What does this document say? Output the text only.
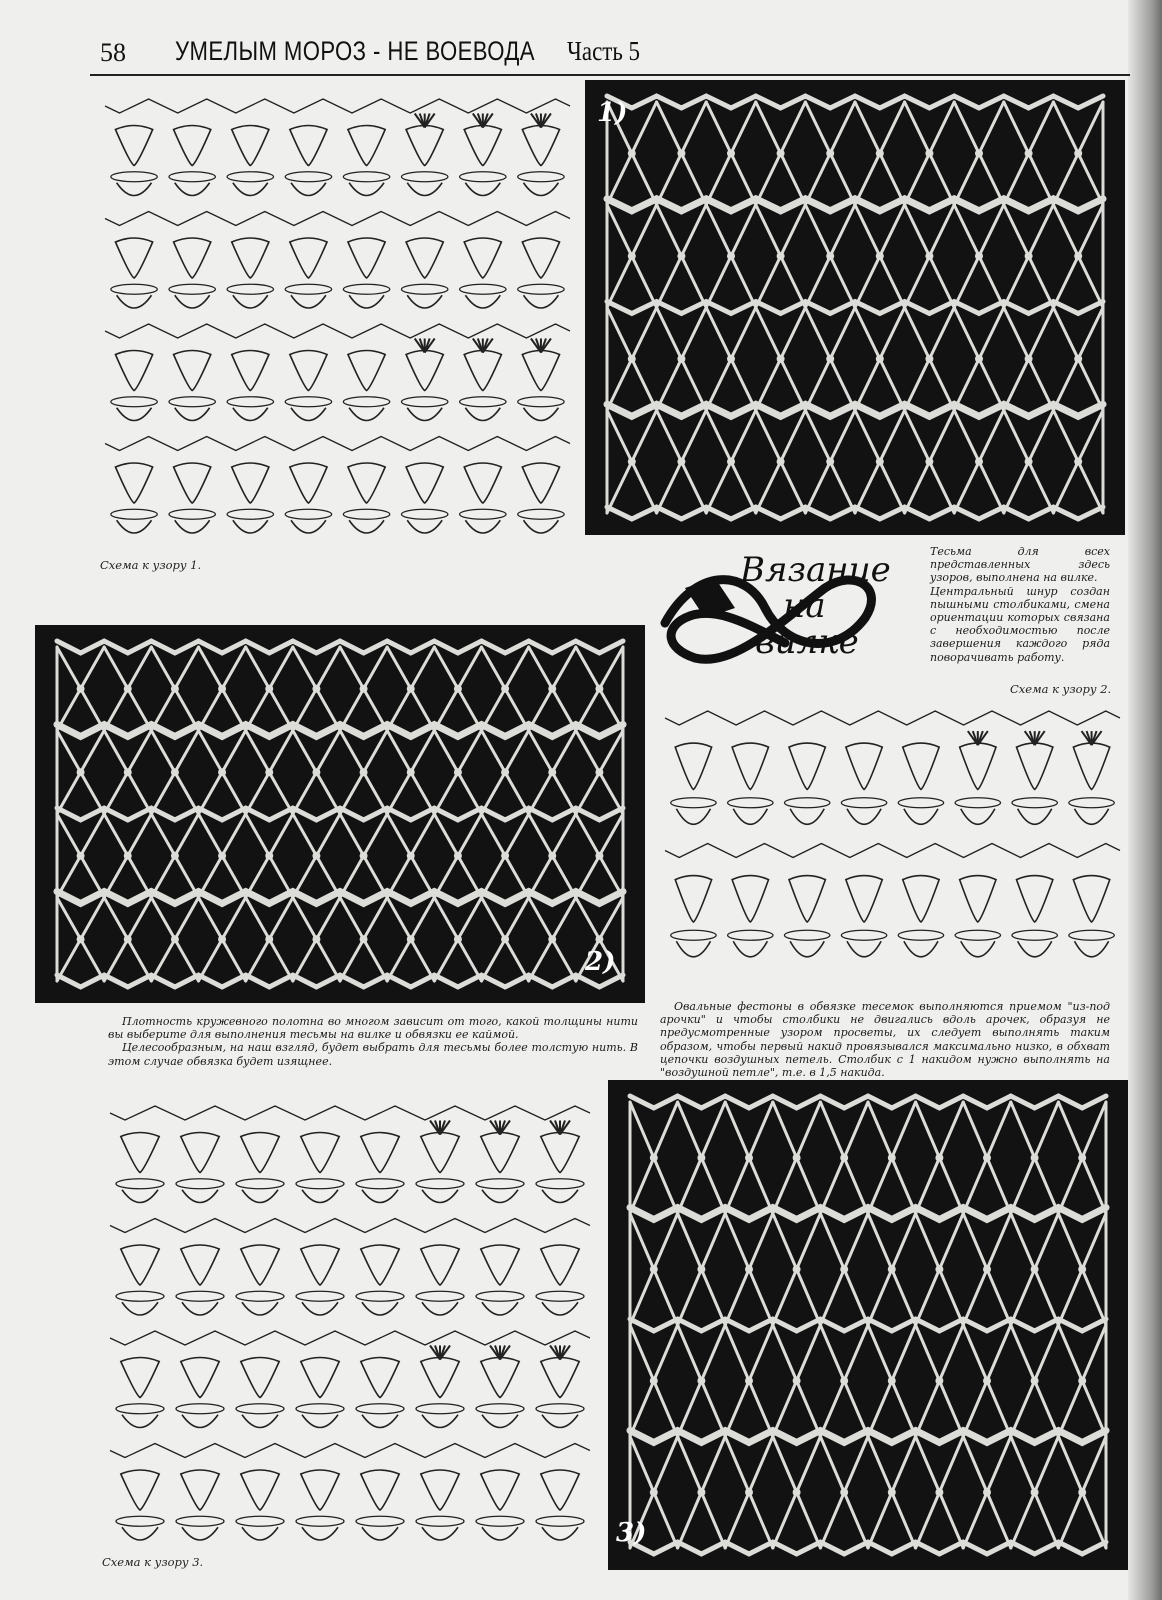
58 УМЕЛЫМ МОРОЗ - НЕ ВОЕВОДА Часть 5
Схема к узору 1.
1)
Вязание
на
вилке
Тесьма для всех представленных здесь узоров, выполнена на вилке.
Центральный шнур создан пышными столбиками, смена ориентации которых связана с необходимостью после завершения каждого ряда поворачивать работу.
Схема к узору 2.
2)
Плотность кружевного полотна во многом зависит от того, какой толщины нити вы выберите для выполнения тесьмы на вилке и обвязки ее каймой.
Целесообразным, на наш взгляд, будет выбрать для тесьмы более толстую нить. В этом случае обвязка будет изящнее.
Овальные фестоны в обвязке тесемок выполняются приемом "из-под арочки" и чтобы столбики не двигались вдоль арочек, образуя не предусмотренные узором просветы, их следует выполнять таким образом, чтобы первый накид провязывался максимально низко, в обхват цепочки воздушных петель. Столбик с 1 накидом нужно выполнять на "воздушной петле", т.е. в 1,5 накида.
Схема к узору 3.
3)
